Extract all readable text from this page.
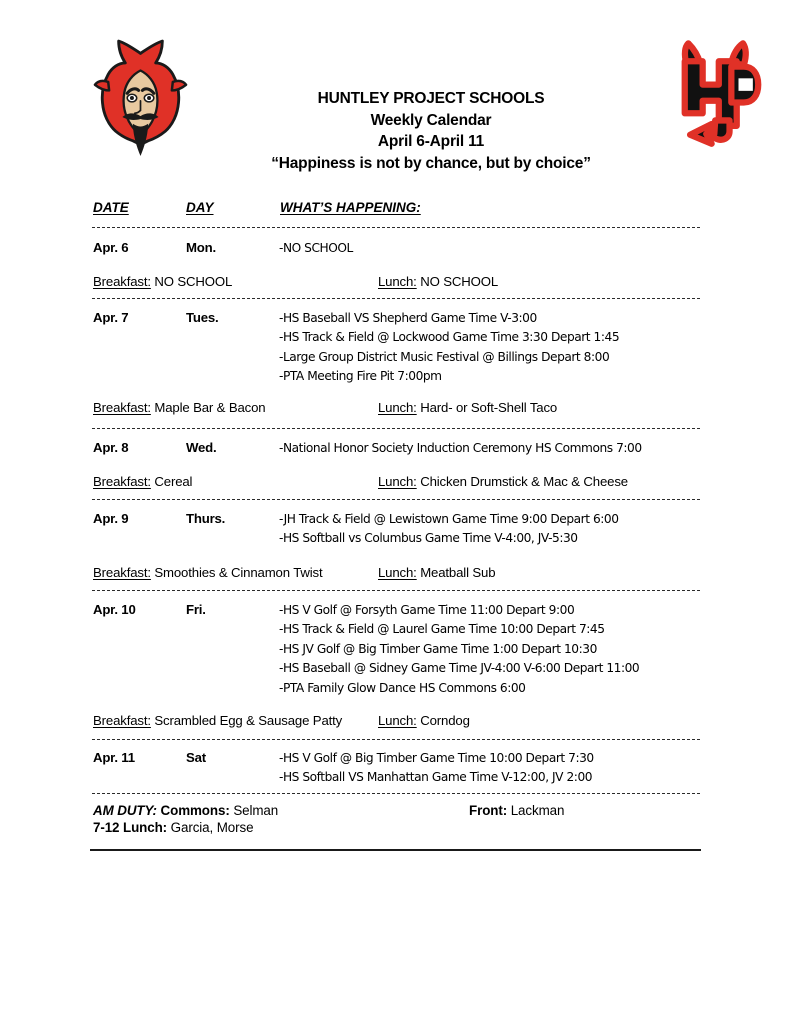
HUNTLEY PROJECT SCHOOLS
Weekly Calendar
April 6-April 11
“Happiness is not by chance, but by choice”
DATE	DAY	WHAT’S HAPPENING:
Apr. 6	Mon.	-NO SCHOOL
Breakfast: NO SCHOOL	Lunch: NO SCHOOL
Apr. 7	Tues.	-HS Baseball VS Shepherd Game Time V-3:00
-HS Track & Field @ Lockwood Game Time 3:30 Depart 1:45
-Large Group District Music Festival @ Billings Depart 8:00
-PTA Meeting Fire Pit 7:00pm
Breakfast: Maple Bar & Bacon	Lunch: Hard- or Soft-Shell Taco
Apr. 8	Wed.	-National Honor Society Induction Ceremony HS Commons 7:00
Breakfast: Cereal	Lunch: Chicken Drumstick & Mac & Cheese
Apr. 9	Thurs.	-JH Track & Field @ Lewistown Game Time 9:00 Depart 6:00
-HS Softball vs Columbus Game Time V-4:00, JV-5:30
Breakfast: Smoothies & Cinnamon Twist	Lunch: Meatball Sub
Apr. 10	Fri.	-HS V Golf @ Forsyth Game Time 11:00 Depart 9:00
-HS Track & Field @ Laurel Game Time 10:00 Depart 7:45
-HS JV Golf @ Big Timber Game Time 1:00 Depart 10:30
-HS Baseball @ Sidney Game Time JV-4:00 V-6:00 Depart 11:00
-PTA Family Glow Dance HS Commons 6:00
Breakfast: Scrambled Egg & Sausage Patty	Lunch: Corndog
Apr. 11	Sat	-HS V Golf @ Big Timber Game Time 10:00 Depart 7:30
-HS Softball VS Manhattan Game Time V-12:00, JV 2:00
AM DUTY: Commons: Selman	Front: Lackman
7-12 Lunch: Garcia, Morse
